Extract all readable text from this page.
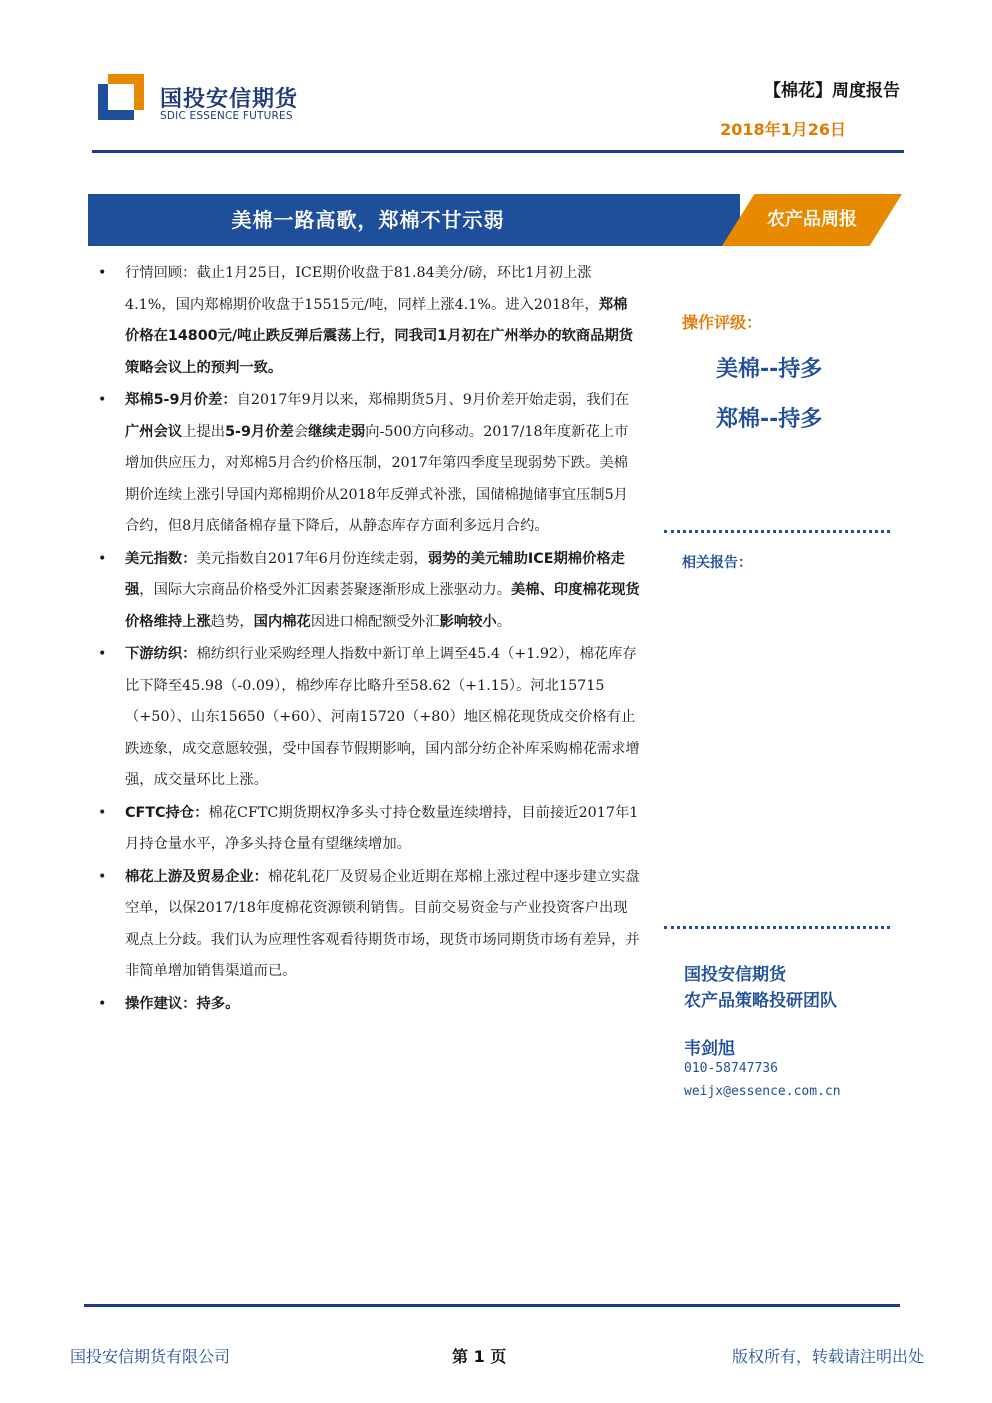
国投安信期货
SDIC ESSENCE FUTURES
【棉花】周度报告
2018年1月26日
美棉一路高歌，郑棉不甘示弱	农产品周报
• 行情回顾：截止1月25日，ICE期价收盘于81.84美分/磅，环比1月初上涨4.1%，国内郑棉期价收盘于15515元/吨，同样上涨4.1%。进入2018年，郑棉价格在14800元/吨止跌反弹后震荡上行，同我司1月初在广州举办的软商品期货策略会议上的预判一致。
• 郑棉5-9月价差：自2017年9月以来，郑棉期货5月、9月价差开始走弱，我们在广州会议上提出5-9月价差会继续走弱向-500方向移动。2017/18年度新花上市增加供应压力，对郑棉5月合约价格压制，2017年第四季度呈现弱势下跌。美棉期价连续上涨引导国内郑棉期价从2018年反弹式补涨，国储棉抛储事宜压制5月合约，但8月底储备棉存量下降后，从静态库存方面利多远月合约。
• 美元指数：美元指数自2017年6月份连续走弱，弱势的美元辅助ICE期棉价格走强，国际大宗商品价格受外汇因素荟聚逐渐形成上涨驱动力。美棉、印度棉花现货价格维持上涨趋势，国内棉花因进口棉配额受外汇影响较小。
• 下游纺织：棉纺织行业采购经理人指数中新订单上调至45.4（+1.92），棉花库存比下降至45.98（-0.09），棉纱库存比略升至58.62（+1.15）。河北15715（+50）、山东15650（+60）、河南15720（+80）地区棉花现货成交价格有止跌迹象，成交意愿较强，受中国春节假期影响，国内部分纺企补库采购棉花需求增强，成交量环比上涨。
• CFTC持仓：棉花CFTC期货期权净多头寸持仓数量连续增持，目前接近2017年1月持仓量水平，净多头持仓量有望继续增加。
• 棉花上游及贸易企业：棉花轧花厂及贸易企业近期在郑棉上涨过程中逐步建立实盘空单，以保2017/18年度棉花资源锁利销售。目前交易资金与产业投资客户出现观点上分歧。我们认为应理性客观看待期货市场，现货市场同期货市场有差异，并非简单增加销售渠道而已。
• 操作建议：持多。
操作评级：
美棉--持多
郑棉--持多
相关报告：
国投安信期货
农产品策略投研团队
韦剑旭
010-58747736
weijx@essence.com.cn
国投安信期货有限公司	第 1 页	版权所有，转载请注明出处
